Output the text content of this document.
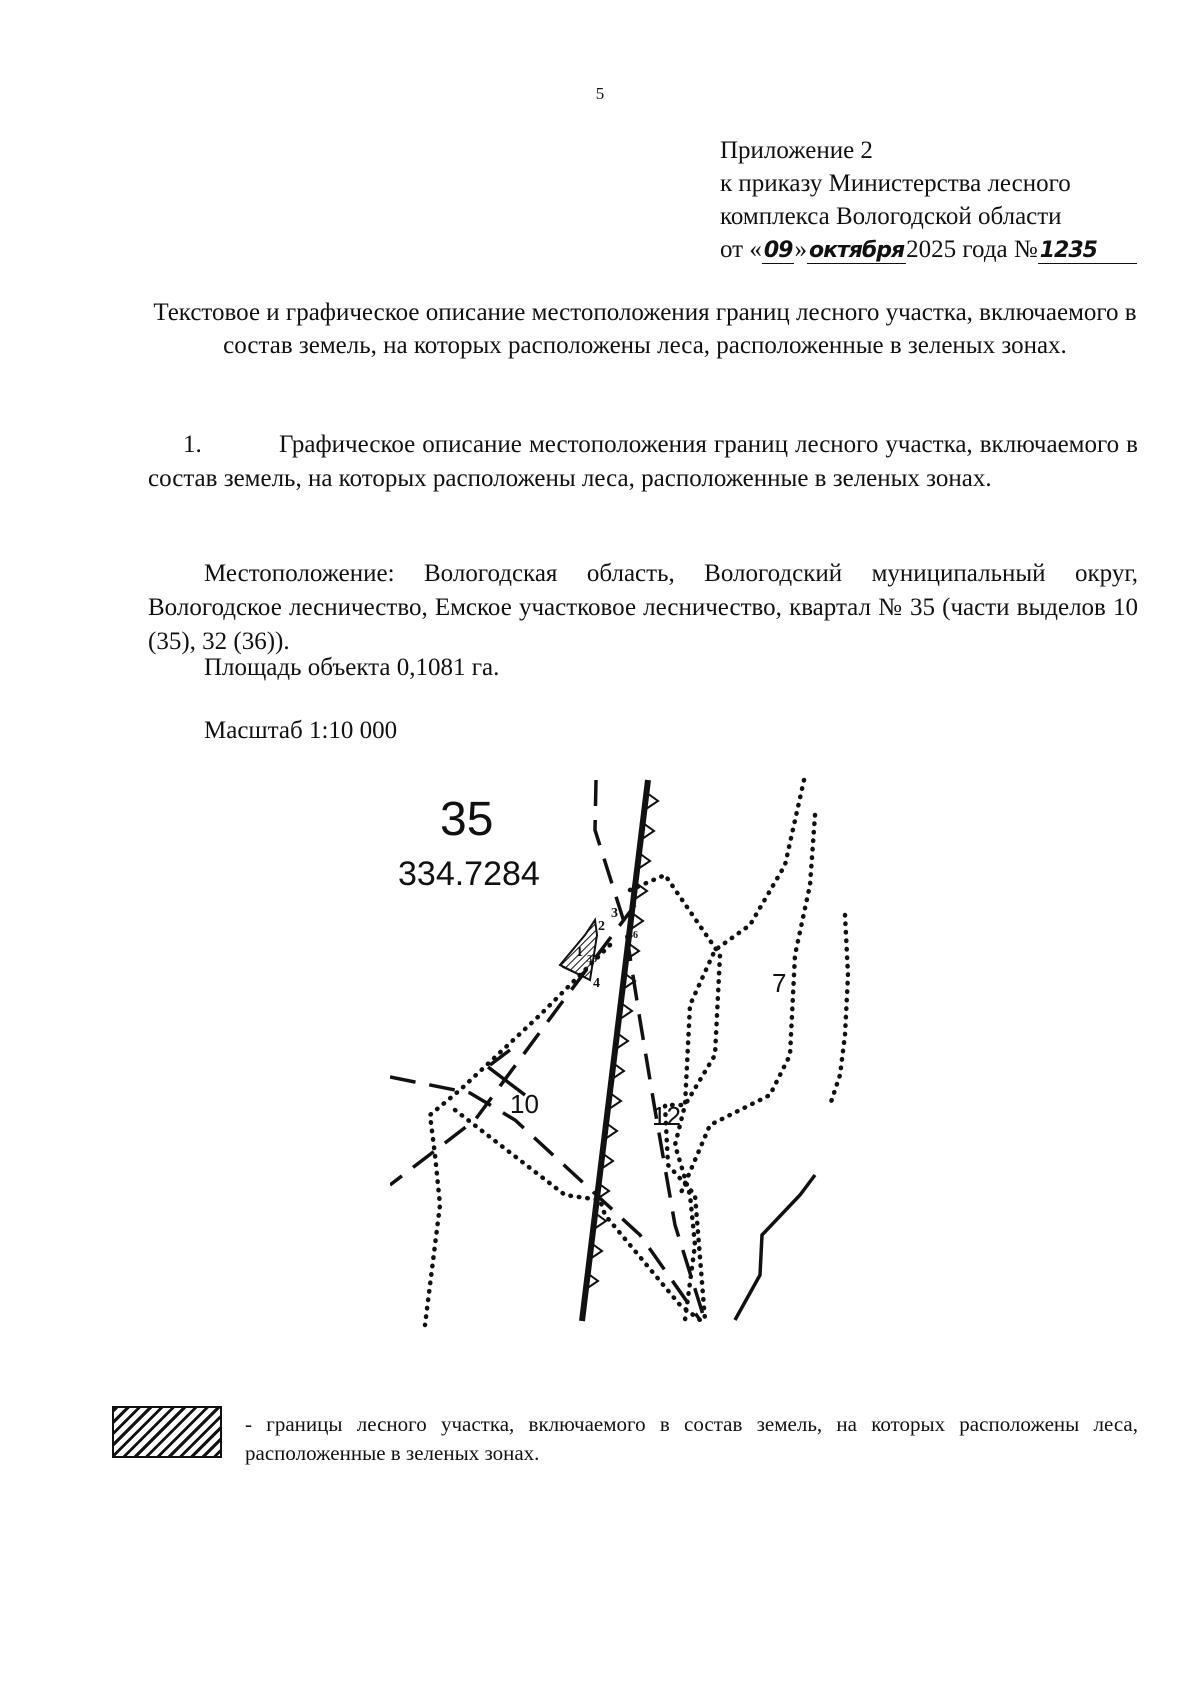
5
Приложение 2
к приказу Министерства лесного
комплекса Вологодской области
от «09»октября2025 года №1235
Текстовое и графическое описание местоположения границ лесного участка, включаемого в состав земель, на которых расположены леса, расположенные в зеленых зонах.
1.	Графическое описание местоположения границ лесного участка, включаемого в состав земель, на которых расположены леса, расположенные в зеленых зонах.
Местоположение: Вологодская область, Вологодский муниципальный округ, Вологодское лесничество, Емское участковое лесничество, квартал № 35 (части выделов 10 (35), 32 (36)).
Площадь объекта 0,1081 га.
Масштаб 1:10 000
35
334.7284
7
10	12
1
2
3
4
35
36
- границы лесного участка, включаемого в состав земель, на которых расположены леса, расположенные в зеленых зонах.
